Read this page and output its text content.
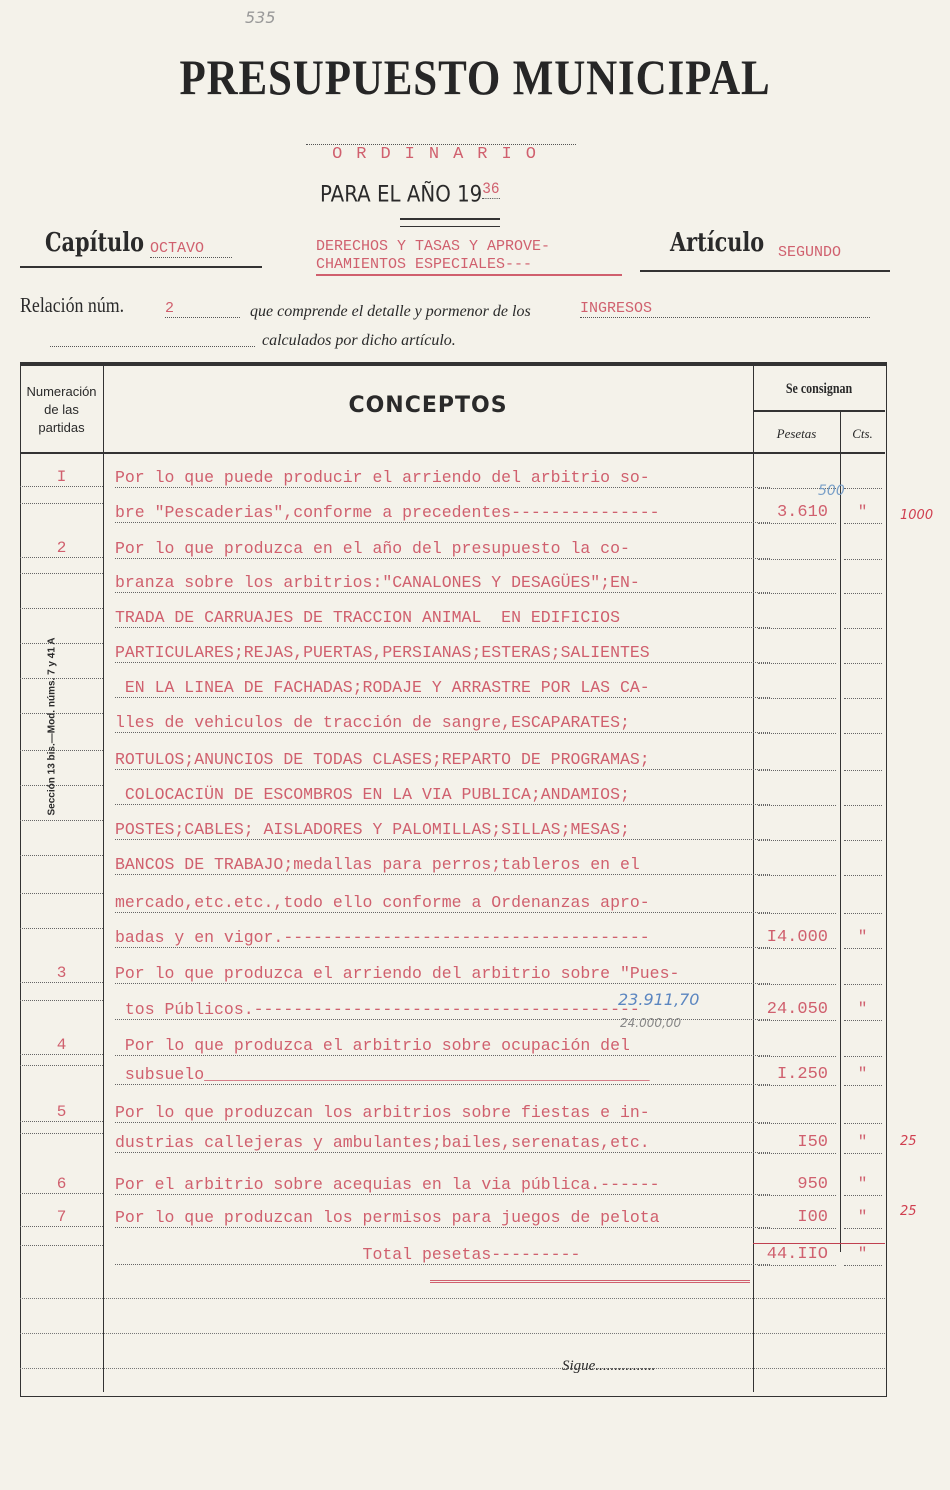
535
PRESUPUESTO MUNICIPAL
ORDINARIO
PARA EL AÑO $19^{36}$
Capítulo OCTAVO	DERECHOS Y TASAS Y APROVE-
CHAMIENTOS ESPECIALES---
Artículo SEGUNDO
Relación núm.	2	que comprende el detalle y pormenor de los	INGRESOS
calculados por dicho artículo.
Sección 13 bis.—Mod. núms. 7 y 41 A
Numeración de las partidas
CONCEPTOS
Se consignan
Pesetas	Cts.
I	Por lo que puede producir el arriendo del arbitrio so-
bre "Pescaderias",conforme a precedentes---------------	3.610	"
2	Por lo que produzca en el año del presupuesto la co-
branza sobre los arbitrios:"CANALONES Y DESAGÜES";EN-
TRADA DE CARRUAJES DE TRACCION ANIMAL  EN EDIFICIOS
PARTICULARES;REJAS,PUERTAS,PERSIANAS;ESTERAS;SALIENTES
EN LA LINEA DE FACHADAS;RODAJE Y ARRASTRE POR LAS CA-
lles de vehiculos de tracción de sangre,ESCAPARATES;
ROTULOS;ANUNCIOS DE TODAS CLASES;REPARTO DE PROGRAMAS;
COLOCACIÜN DE ESCOMBROS EN LA VIA PUBLICA;ANDAMIOS;
POSTES;CABLES; AISLADORES Y PALOMILLAS;SILLAS;MESAS;
BANCOS DE TRABAJO;medallas para perros;tableros en el
mercado,etc.etc.,todo ello conforme a Ordenanzas apro-
badas y en vigor.-------------------------------------	I4.000	"
3	Por lo que produzca el arriendo del arbitrio sobre "Pues-
tos Públicos.---------------------------------------	24.050	"
4	Por lo que produzca el arbitrio sobre ocupación del
subsuelo_____________________________________________	I.250	"
5	Por lo que produzcan los arbitrios sobre fiestas e in-
dustrias callejeras y ambulantes;bailes,serenatas,etc.	I50	"
6	Por el arbitrio sobre acequias en la via pública.------	950	"
7	Por lo que produzcan los permisos para juegos de pelota	I00	"
Total pesetas---------	44.IIO	"
Sigue................
500
1000
23.911,70
24.000,00
25
25
